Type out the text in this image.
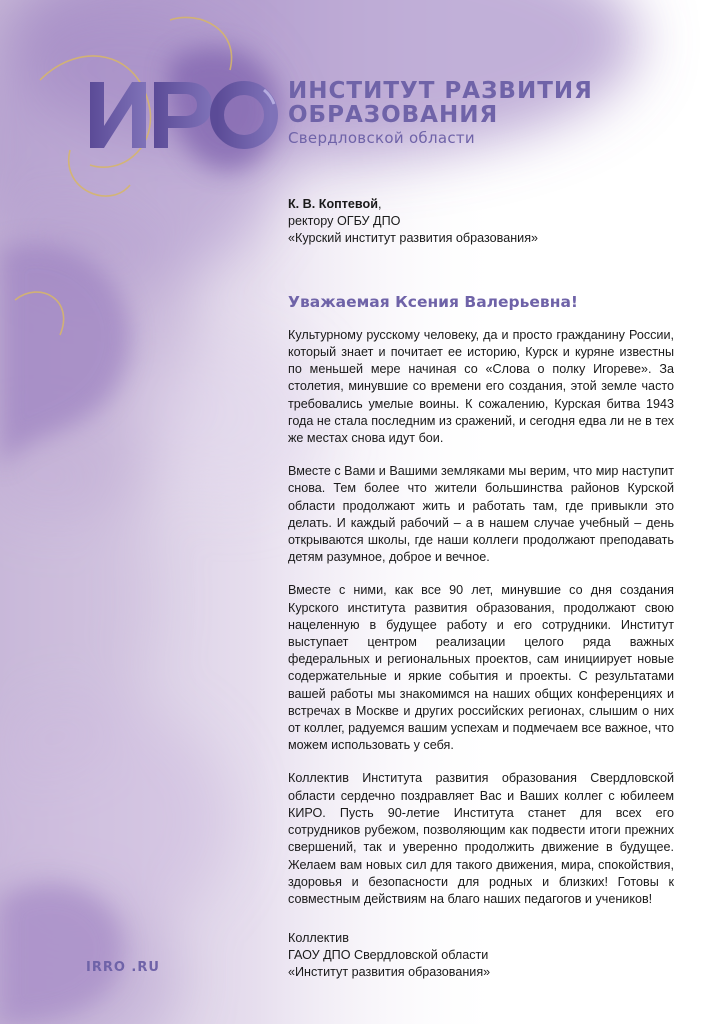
ИНСТИТУТ РАЗВИТИЯ
ОБРАЗОВАНИЯ
Свердловской области

К. В. Коптевой,

ректору ОГБУ ДПО

«Курский институт развития образования»

Уважаемая Ксения Валерьевна!

Культурному русскому человеку, да и просто гражданину России, который знает и почитает ее историю, Курск и куряне известны по меньшей мере начиная со «Слова о полку Игореве». За столетия, минувшие со времени его создания, этой земле часто требовались умелые воины. К сожалению, Курская битва 1943 года не стала последним из сражений, и сегодня едва ли не в тех же местах снова идут бои.

Вместе с Вами и Вашими земляками мы верим, что мир наступит снова. Тем более что жители большинства районов Курской области продолжают жить и работать там, где привыкли это делать. И каждый рабочий – а в нашем случае учебный – день открываются школы, где наши коллеги продолжают преподавать детям разумное, доброе и вечное.

Вместе с ними, как все 90 лет, минувшие со дня создания Курского института развития образования, продолжают свою нацеленную в будущее работу и его сотрудники. Институт выступает центром реализации целого ряда важных федеральных и региональных проектов, сам инициирует новые содержательные и яркие события и проекты. С результатами вашей работы мы знакомимся на наших общих конференциях и встречах в Москве и других российских регионах, слышим о них от коллег, радуемся вашим успехам и подмечаем все важное, что можем использовать у себя.

Коллектив Института развития образования Свердловской области сердечно поздравляет Вас и Ваших коллег с юбилеем КИРО. Пусть 90-летие Института станет для всех его сотрудников рубежом, позволяющим как подвести итоги прежних свершений, так и уверенно продолжить движение в будущее. Желаем вам новых сил для такого движения, мира, спокойствия, здоровья и безопасности для родных и близких! Готовы к совместным действиям на благо наших педагогов и учеников!

Коллектив

ГАОУ ДПО Свердловской области

«Институт развития образования»

IRRO .RU
